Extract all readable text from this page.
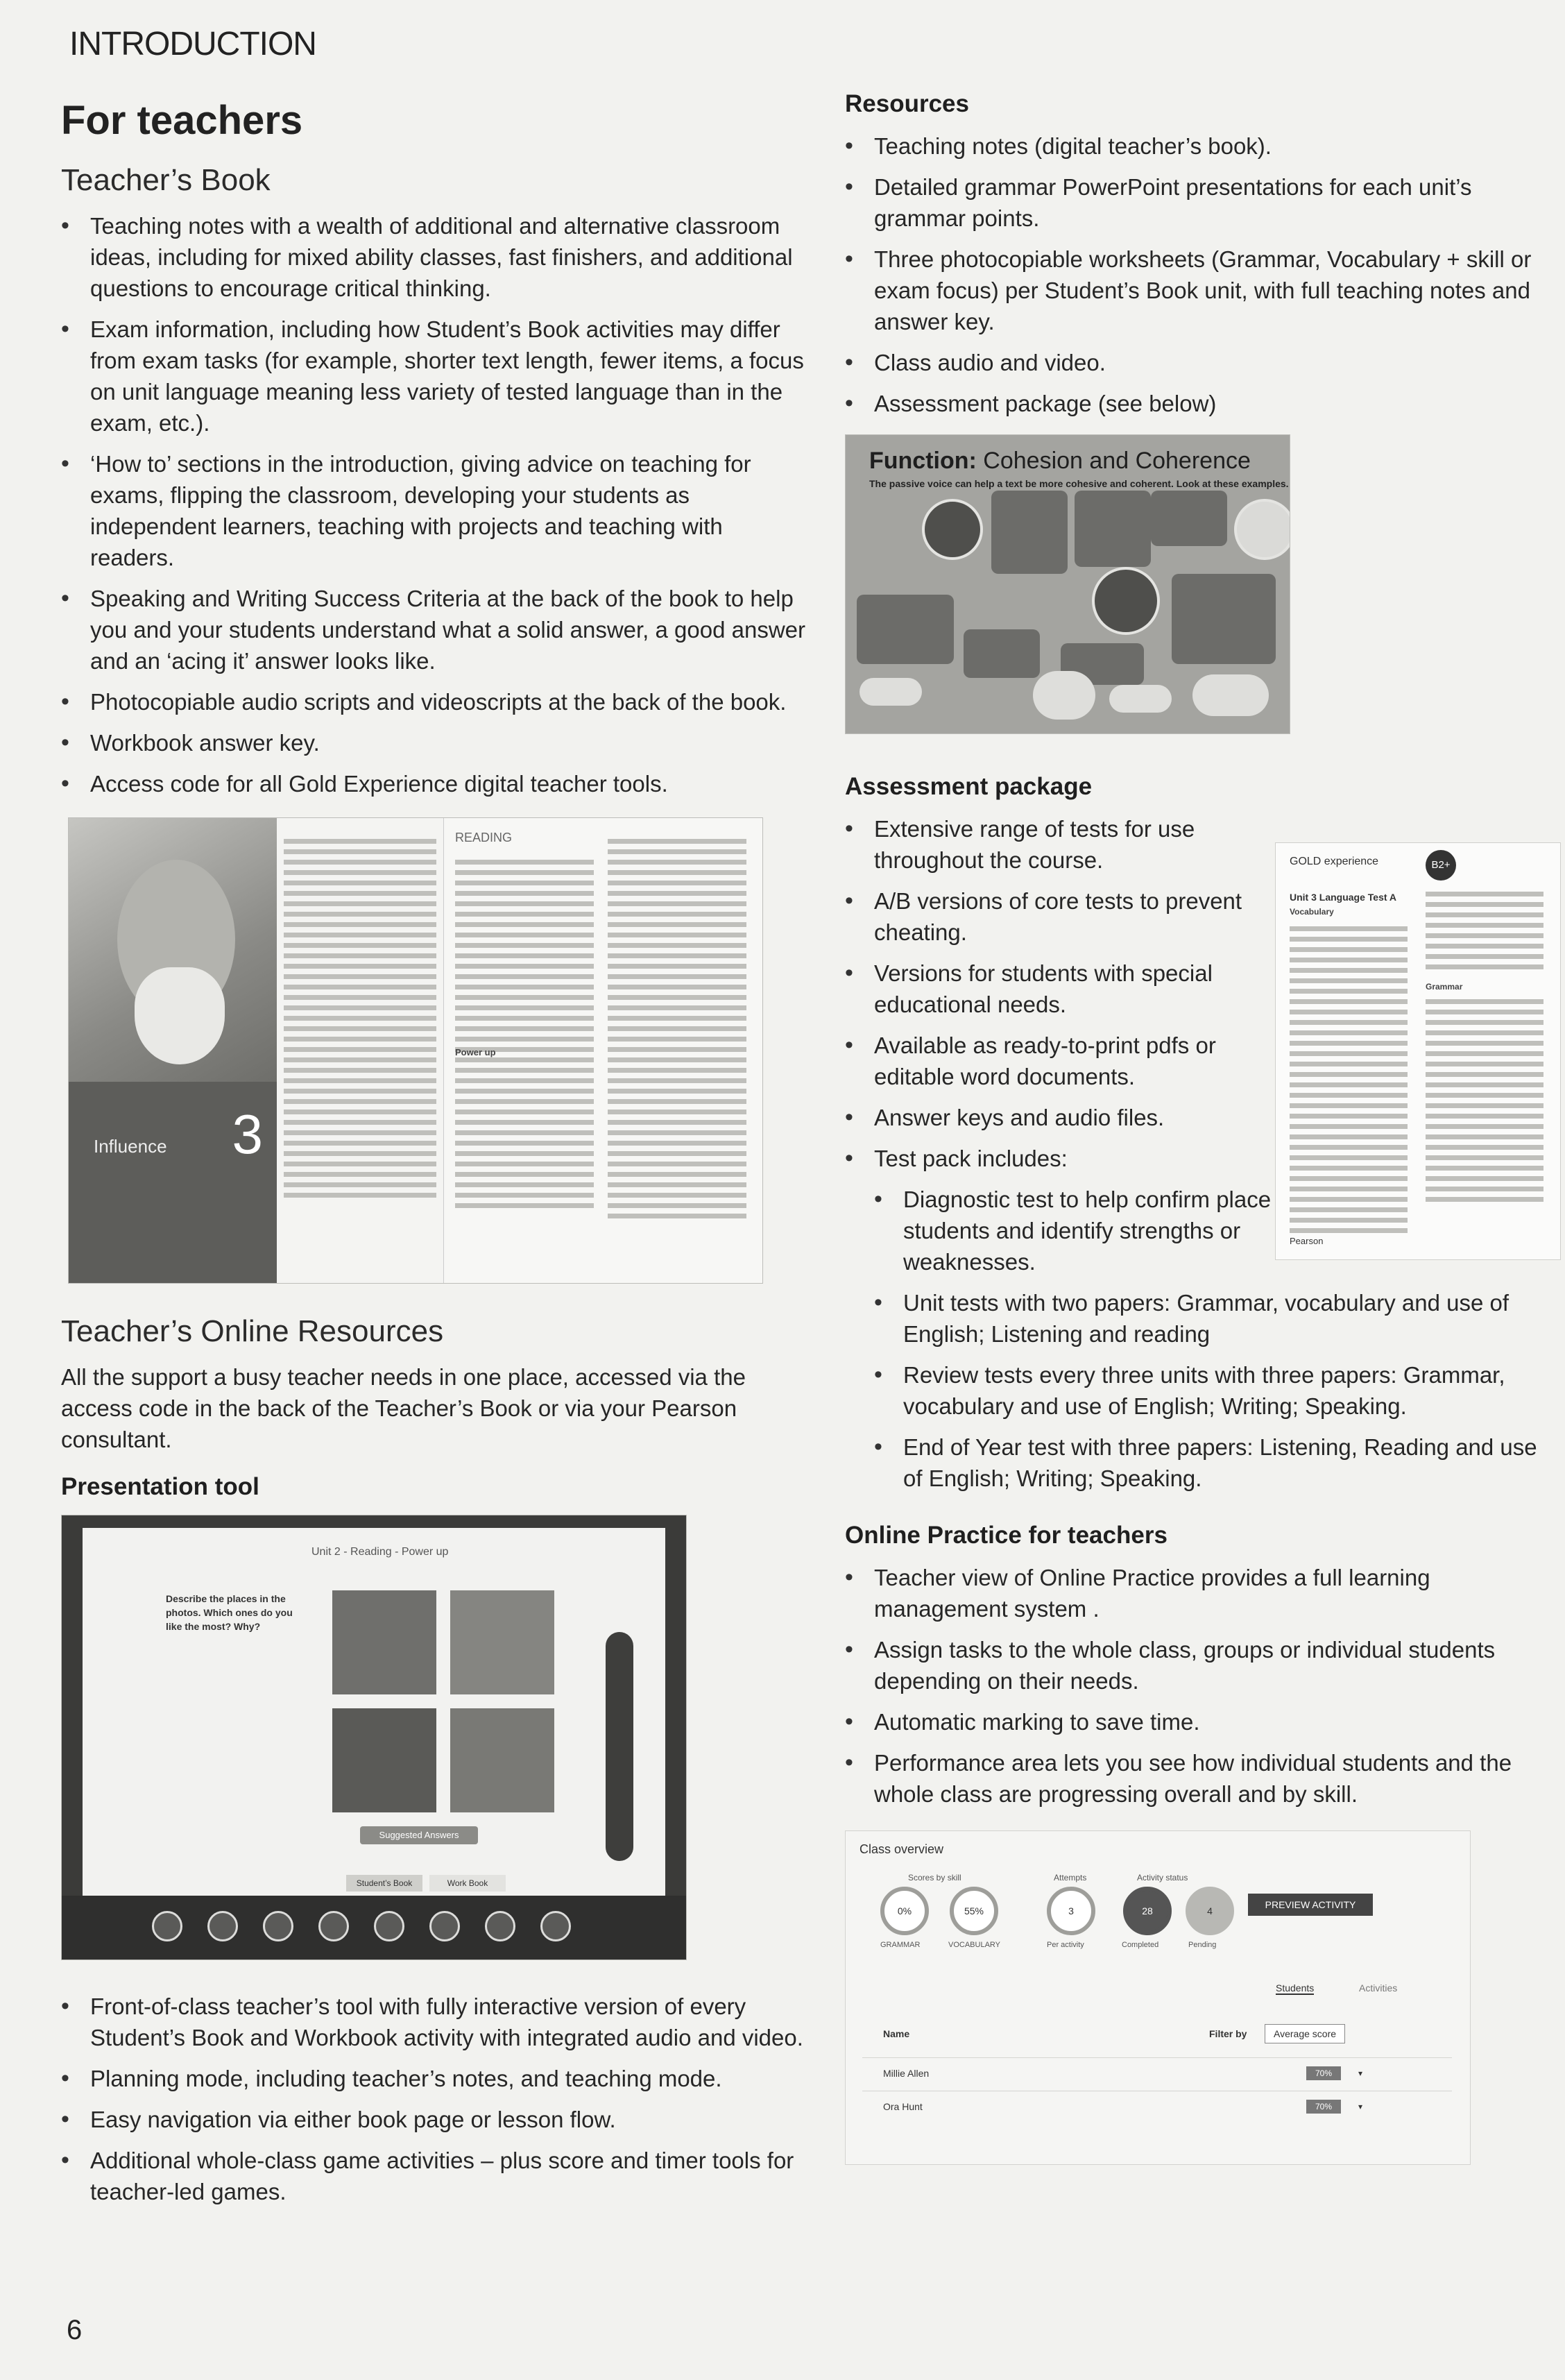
INTRODUCTION
For teachers
Teacher’s Book
• Teaching notes with a wealth of additional and alternative classroom ideas, including for mixed ability classes, fast finishers, and additional questions to encourage critical thinking.
• Exam information, including how Student’s Book activities may differ from exam tasks (for example, shorter text length, fewer items, a focus on unit language meaning less variety of tested language than in the exam, etc.).
• ‘How to’ sections in the introduction, giving advice on teaching for exams, flipping the classroom, developing your students as independent learners, teaching with projects and teaching with readers.
• Speaking and Writing Success Criteria at the back of the book to help you and your students understand what a solid answer, a good answer and an ‘acing it’ answer looks like.
• Photocopiable audio scripts and videoscripts at the back of the book.
• Workbook answer key.
• Access code for all Gold Experience digital teacher tools.
3
Influence
READING
Power up
Teacher’s Online Resources

All the support a busy teacher needs in one place, accessed via the access code in the back of the Teacher’s Book or via your Pearson consultant.

Presentation tool
Unit 2 - Reading - Power up
Describe the places in the photos. Which ones do you like the most? Why?
Suggested Answers
Student’s Book	Work Book
• Front-of-class teacher’s tool with fully interactive version of every Student’s Book and Workbook activity with integrated audio and video.
• Planning mode, including teacher’s notes, and teaching mode.
• Easy navigation via either book page or lesson flow.
• Additional whole-class game activities – plus score and timer tools for teacher-led games.
Resources
• Teaching notes (digital teacher’s book).
• Detailed grammar PowerPoint presentations for each unit’s grammar points.
• Three photocopiable worksheets (Grammar, Vocabulary + skill or exam focus) per Student’s Book unit, with full teaching notes and answer key.
• Class audio and video.
• Assessment package (see below)
Function: Cohesion and Coherence
The passive voice can help a text be more cohesive and coherent. Look at these examples.
Assessment package
• Extensive range of tests for use throughout the course.
• A/B versions of core tests to prevent cheating.
• Versions for students with special educational needs.
• Available as ready-to-print pdfs or editable word documents.
• Answer keys and audio files.
• Test pack includes:
• Diagnostic test to help confirm place students and identify strengths or weaknesses.
• Unit tests with two papers: Grammar, vocabulary and use of English; Listening and reading
• Review tests every three units with three papers: Grammar, vocabulary and use of English; Writing; Speaking.
• End of Year test with three papers: Listening, Reading and use of English; Writing; Speaking.
Online Practice for teachers
• Teacher view of Online Practice provides a full learning management system .
• Assign tasks to the whole class, groups or individual students depending on their needs.
• Automatic marking to save time.
• Performance area lets you see how individual students and the whole class are progressing overall and by skill.
Class overview
Scores by skill	Attempts	Activity status
0%	55%	3	28	4
GRAMMAR	VOCABULARY	Per activity	Completed	Pending
PREVIEW ACTIVITY
Students	Activities
Name	Filter by	Average score
Millie Allen	70%	▾
Ora Hunt	70%	▾
GOLD experience	B2+
Unit 3 Language Test A
Vocabulary
Grammar
Pearson
6
